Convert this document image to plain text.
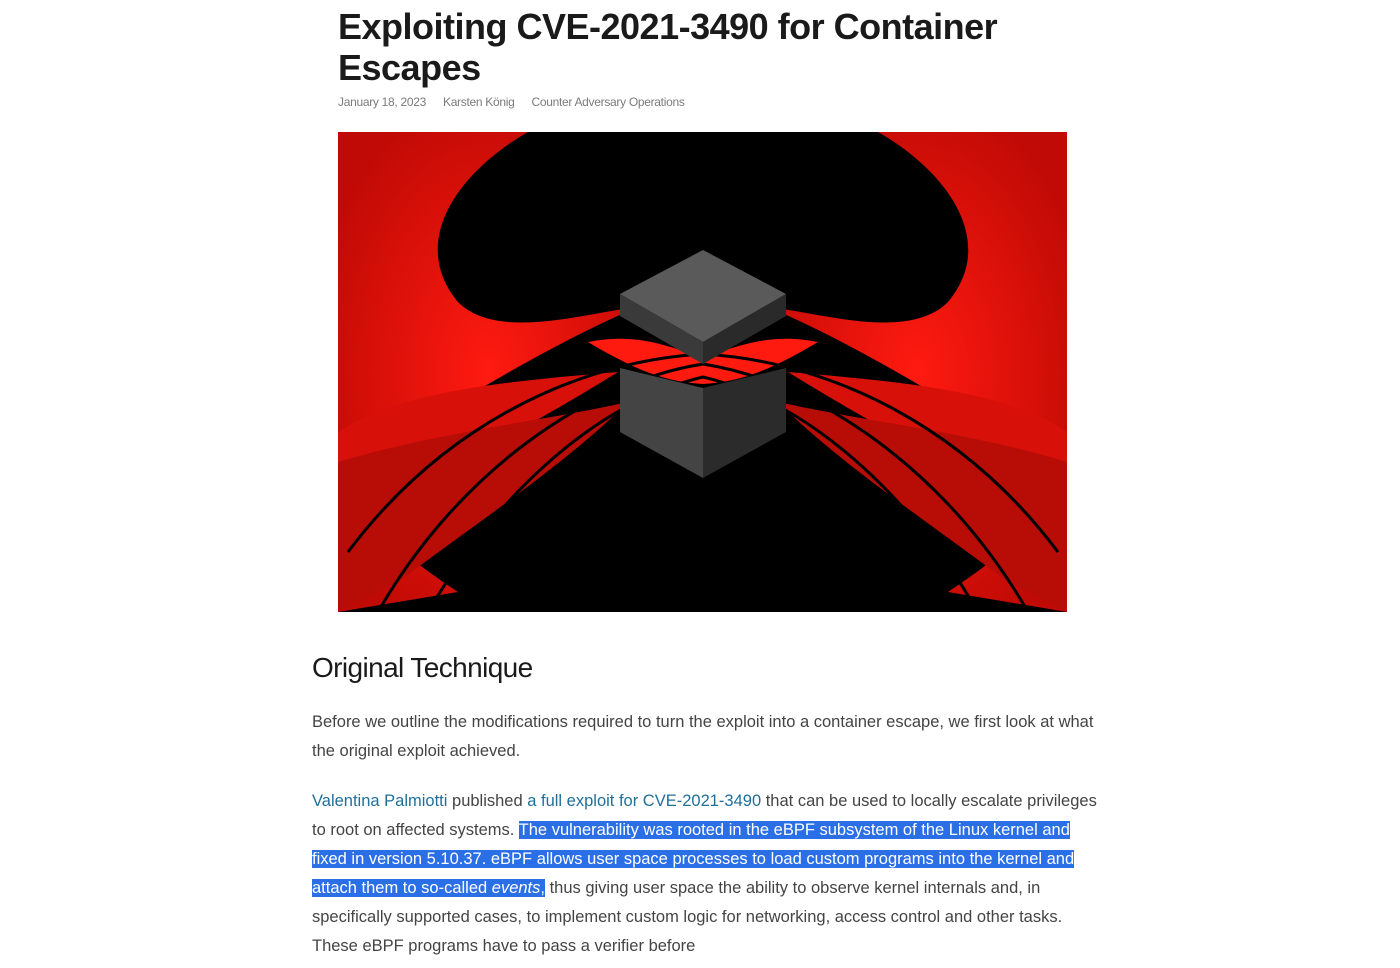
Exploiting CVE-2021-3490 for Container Escapes
January 18, 2023 Karsten König Counter Adversary Operations
Original Technique

Before we outline the modifications required to turn the exploit into a container escape, we first look at what the original exploit achieved.

Valentina Palmiotti published a full exploit for CVE-2021-3490 that can be used to locally escalate privileges to root on affected systems. The vulnerability was rooted in the eBPF subsystem of the Linux kernel and fixed in version 5.10.37. eBPF allows user space processes to load custom programs into the kernel and attach them to so-called events, thus giving user space the ability to observe kernel internals and, in specifically supported cases, to implement custom logic for networking, access control and other tasks. These eBPF programs have to pass a verifier before
